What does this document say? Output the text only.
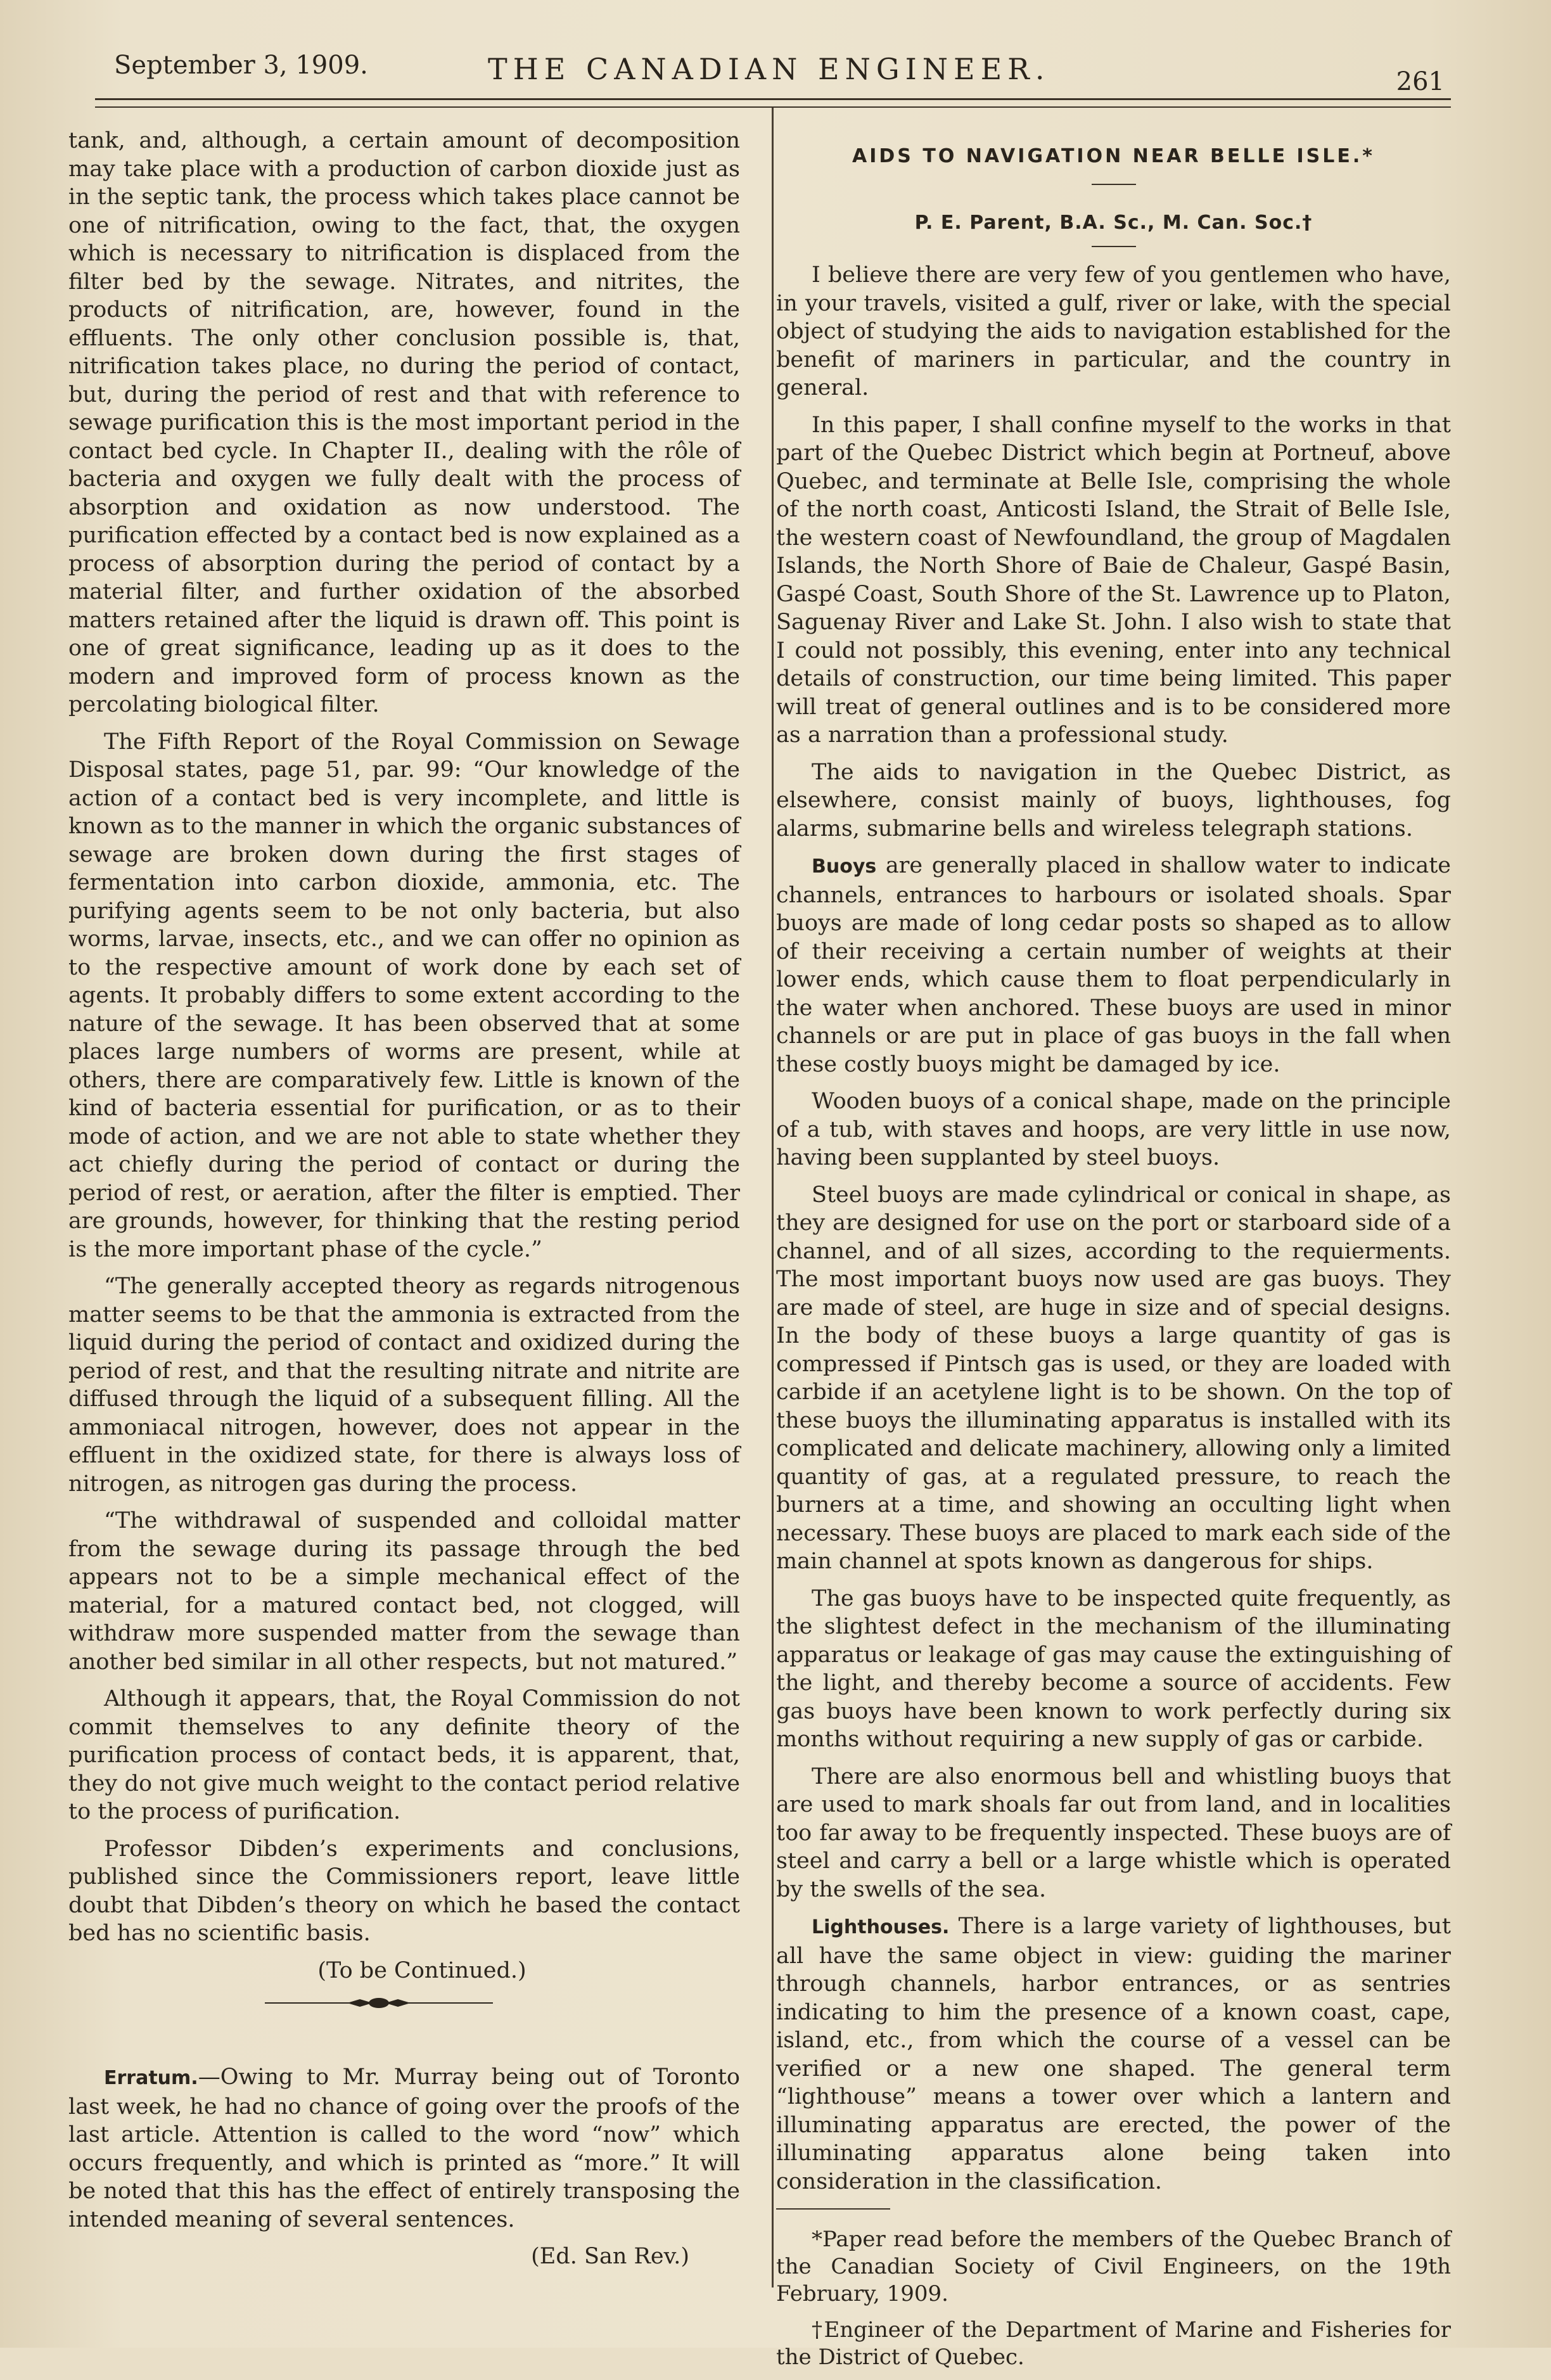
September 3, 1909.	THE CANADIAN ENGINEER.	261

tank, and, although, a certain amount of decomposition may take place with a production of carbon dioxide just as in the septic tank, the process which takes place cannot be one of nitrification, owing to the fact, that, the oxygen which is necessary to nitrification is displaced from the filter bed by the sewage. Nitrates, and nitrites, the products of nitrification, are, however, found in the effluents. The only other conclusion possible is, that, nitrification takes place, no during the period of contact, but, during the period of rest and that with reference to sewage purification this is the most important period in the contact bed cycle. In Chapter II., dealing with the rôle of bacteria and oxygen we fully dealt with the process of absorption and oxidation as now understood. The purification effected by a contact bed is now explained as a process of absorption during the period of contact by a material filter, and further oxidation of the absorbed matters retained after the liquid is drawn off. This point is one of great significance, leading up as it does to the modern and improved form of process known as the percolating biological filter.

The Fifth Report of the Royal Commission on Sewage Disposal states, page 51, par. 99: “Our knowledge of the action of a contact bed is very incomplete, and little is known as to the manner in which the organic substances of sewage are broken down during the first stages of fermentation into carbon dioxide, ammonia, etc. The purifying agents seem to be not only bacteria, but also worms, larvae, insects, etc., and we can offer no opinion as to the respective amount of work done by each set of agents. It probably differs to some extent according to the nature of the sewage. It has been observed that at some places large numbers of worms are present, while at others, there are comparatively few. Little is known of the kind of bacteria essential for purification, or as to their mode of action, and we are not able to state whether they act chiefly during the period of contact or during the period of rest, or aeration, after the filter is emptied. Ther are grounds, however, for thinking that the resting period is the more important phase of the cycle.”

“The generally accepted theory as regards nitrogenous matter seems to be that the ammonia is extracted from the liquid during the period of contact and oxidized during the period of rest, and that the resulting nitrate and nitrite are diffused through the liquid of a subsequent filling. All the ammoniacal nitrogen, however, does not appear in the effluent in the oxidized state, for there is always loss of nitrogen, as nitrogen gas during the process.

“The withdrawal of suspended and colloidal matter from the sewage during its passage through the bed appears not to be a simple mechanical effect of the material, for a matured contact bed, not clogged, will withdraw more suspended matter from the sewage than another bed similar in all other respects, but not matured.”

Although it appears, that, the Royal Commission do not commit themselves to any definite theory of the purification process of contact beds, it is apparent, that, they do not give much weight to the contact period relative to the process of purification.

Professor Dibden’s experiments and conclusions, published since the Commissioners report, leave little doubt that Dibden’s theory on which he based the contact bed has no scientific basis.

(To be Continued.)

Erratum.—Owing to Mr. Murray being out of Toronto last week, he had no chance of going over the proofs of the last article. Attention is called to the word “now” which occurs frequently, and which is printed as “more.” It will be noted that this has the effect of entirely transposing the intended meaning of several sentences.

(Ed. San Rev.)

AIDS TO NAVIGATION NEAR BELLE ISLE.*
P. E. Parent, B.A. Sc., M. Can. Soc.†

I believe there are very few of you gentlemen who have, in your travels, visited a gulf, river or lake, with the special object of studying the aids to navigation established for the benefit of mariners in particular, and the country in general.

In this paper, I shall confine myself to the works in that part of the Quebec District which begin at Portneuf, above Quebec, and terminate at Belle Isle, comprising the whole of the north coast, Anticosti Island, the Strait of Belle Isle, the western coast of Newfoundland, the group of Magdalen Islands, the North Shore of Baie de Chaleur, Gaspé Basin, Gaspé Coast, South Shore of the St. Lawrence up to Platon, Saguenay River and Lake St. John. I also wish to state that I could not possibly, this evening, enter into any technical details of construction, our time being limited. This paper will treat of general outlines and is to be considered more as a narration than a professional study.

The aids to navigation in the Quebec District, as elsewhere, consist mainly of buoys, lighthouses, fog alarms, submarine bells and wireless telegraph stations.

Buoys are generally placed in shallow water to indicate channels, entrances to harbours or isolated shoals. Spar buoys are made of long cedar posts so shaped as to allow of their receiving a certain number of weights at their lower ends, which cause them to float perpendicularly in the water when anchored. These buoys are used in minor channels or are put in place of gas buoys in the fall when these costly buoys might be damaged by ice.

Wooden buoys of a conical shape, made on the principle of a tub, with staves and hoops, are very little in use now, having been supplanted by steel buoys.

Steel buoys are made cylindrical or conical in shape, as they are designed for use on the port or starboard side of a channel, and of all sizes, according to the requierments. The most important buoys now used are gas buoys. They are made of steel, are huge in size and of special designs. In the body of these buoys a large quantity of gas is compressed if Pintsch gas is used, or they are loaded with carbide if an acetylene light is to be shown. On the top of these buoys the illuminating apparatus is installed with its complicated and delicate machinery, allowing only a limited quantity of gas, at a regulated pressure, to reach the burners at a time, and showing an occulting light when necessary. These buoys are placed to mark each side of the main channel at spots known as dangerous for ships.

The gas buoys have to be inspected quite frequently, as the slightest defect in the mechanism of the illuminating apparatus or leakage of gas may cause the extinguishing of the light, and thereby become a source of accidents. Few gas buoys have been known to work perfectly during six months without requiring a new supply of gas or carbide.

There are also enormous bell and whistling buoys that are used to mark shoals far out from land, and in localities too far away to be frequently inspected. These buoys are of steel and carry a bell or a large whistle which is operated by the swells of the sea.

Lighthouses. There is a large variety of lighthouses, but all have the same object in view: guiding the mariner through channels, harbor entrances, or as sentries indicating to him the presence of a known coast, cape, island, etc., from which the course of a vessel can be verified or a new one shaped. The general term “lighthouse” means a tower over which a lantern and illuminating apparatus are erected, the power of the illuminating apparatus alone being taken into consideration in the classification.

*Paper read before the members of the Quebec Branch of the Canadian Society of Civil Engineers, on the 19th February, 1909.

†Engineer of the Department of Marine and Fisheries for the District of Quebec.
